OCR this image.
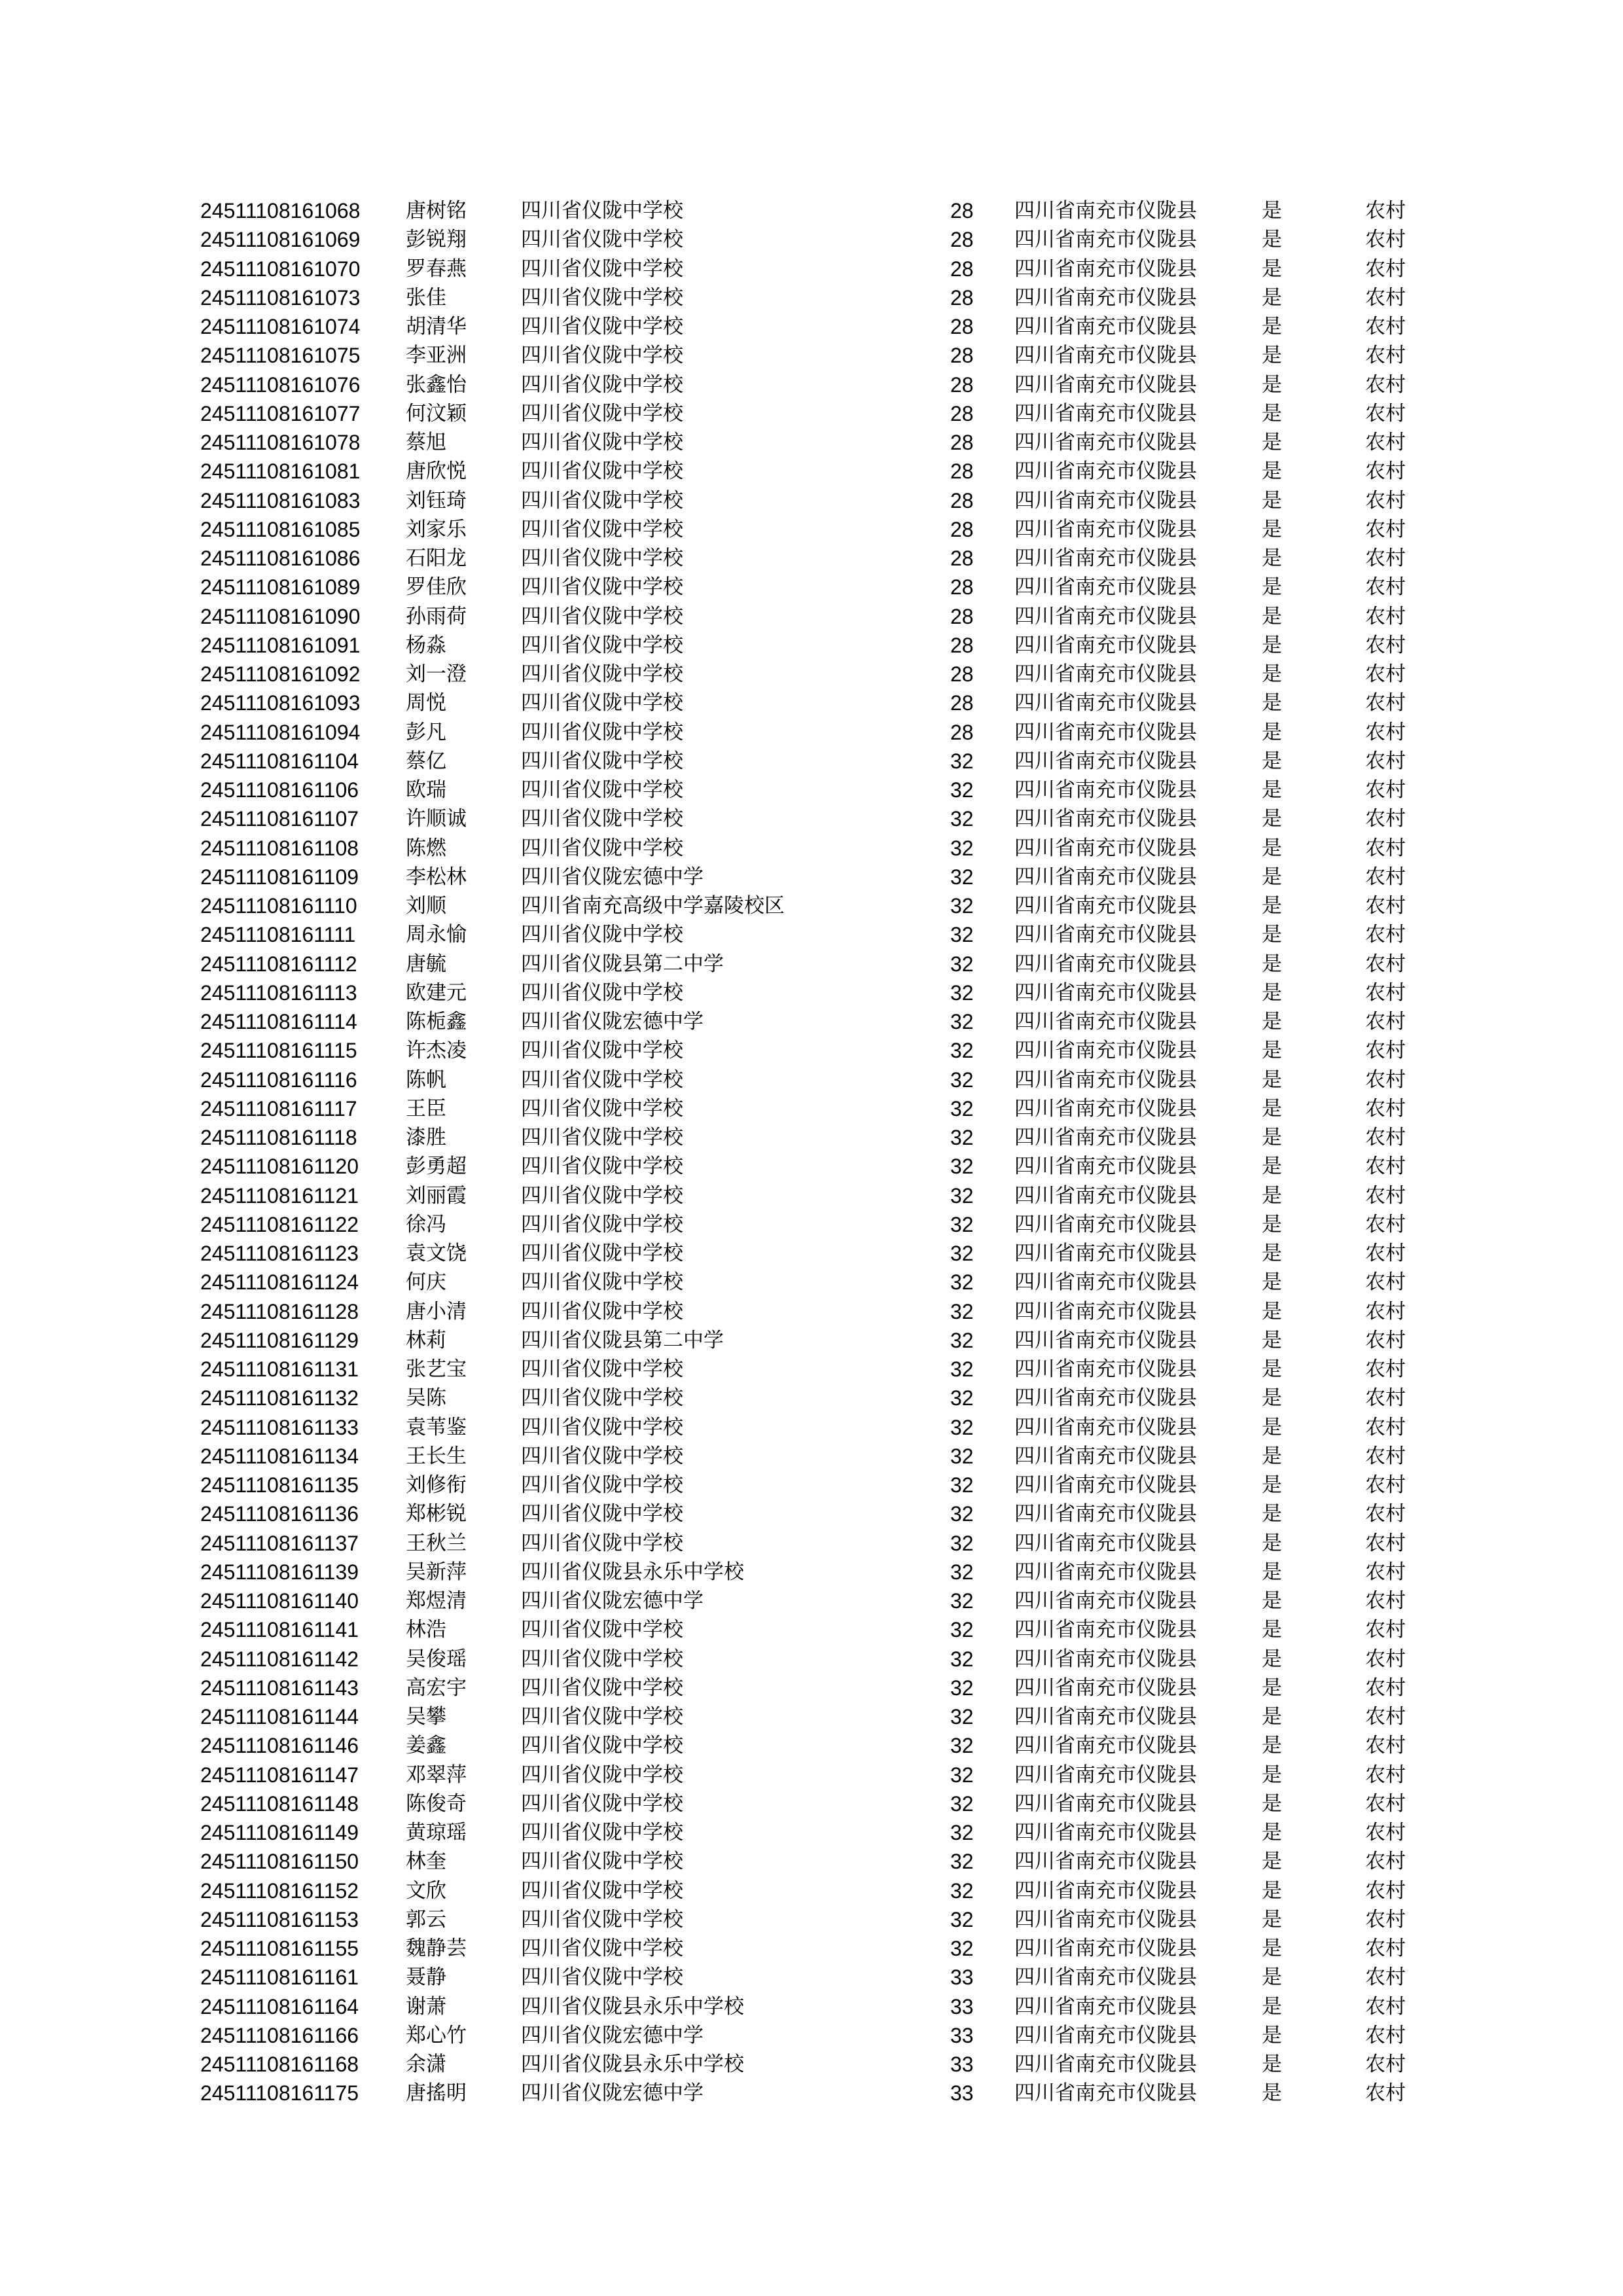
24511108161068 唐树铭	四川省仪陇中学校	28 四川省南充市仪陇县	是	农村
24511108161069 彭锐翔	四川省仪陇中学校	28 四川省南充市仪陇县	是	农村
24511108161070 罗春燕	四川省仪陇中学校	28 四川省南充市仪陇县	是	农村
24511108161073 张佳	四川省仪陇中学校	28 四川省南充市仪陇县	是	农村
24511108161074 胡清华	四川省仪陇中学校	28 四川省南充市仪陇县	是	农村
24511108161075 李亚洲	四川省仪陇中学校	28 四川省南充市仪陇县	是	农村
24511108161076 张鑫怡	四川省仪陇中学校	28 四川省南充市仪陇县	是	农村
24511108161077 何汶颖	四川省仪陇中学校	28 四川省南充市仪陇县	是	农村
24511108161078 蔡旭	四川省仪陇中学校	28 四川省南充市仪陇县	是	农村
24511108161081 唐欣悦	四川省仪陇中学校	28 四川省南充市仪陇县	是	农村
24511108161083 刘钰琦	四川省仪陇中学校	28 四川省南充市仪陇县	是	农村
24511108161085 刘家乐	四川省仪陇中学校	28 四川省南充市仪陇县	是	农村
24511108161086 石阳龙	四川省仪陇中学校	28 四川省南充市仪陇县	是	农村
24511108161089 罗佳欣	四川省仪陇中学校	28 四川省南充市仪陇县	是	农村
24511108161090 孙雨荷	四川省仪陇中学校	28 四川省南充市仪陇县	是	农村
24511108161091 杨淼	四川省仪陇中学校	28 四川省南充市仪陇县	是	农村
24511108161092 刘一澄	四川省仪陇中学校	28 四川省南充市仪陇县	是	农村
24511108161093 周悦	四川省仪陇中学校	28 四川省南充市仪陇县	是	农村
24511108161094 彭凡	四川省仪陇中学校	28 四川省南充市仪陇县	是	农村
24511108161104 蔡亿	四川省仪陇中学校	32 四川省南充市仪陇县	是	农村
24511108161106 欧瑞	四川省仪陇中学校	32 四川省南充市仪陇县	是	农村
24511108161107 许顺诚	四川省仪陇中学校	32 四川省南充市仪陇县	是	农村
24511108161108 陈燃	四川省仪陇中学校	32 四川省南充市仪陇县	是	农村
24511108161109 李松林	四川省仪陇宏德中学	32 四川省南充市仪陇县	是	农村
24511108161110 刘顺	四川省南充高级中学嘉陵校区	32 四川省南充市仪陇县	是	农村
24511108161111 周永愉	四川省仪陇中学校	32 四川省南充市仪陇县	是	农村
24511108161112 唐毓	四川省仪陇县第二中学	32 四川省南充市仪陇县	是	农村
24511108161113 欧建元	四川省仪陇中学校	32 四川省南充市仪陇县	是	农村
24511108161114 陈栀鑫	四川省仪陇宏德中学	32 四川省南充市仪陇县	是	农村
24511108161115 许杰凌	四川省仪陇中学校	32 四川省南充市仪陇县	是	农村
24511108161116 陈帆	四川省仪陇中学校	32 四川省南充市仪陇县	是	农村
24511108161117 王臣	四川省仪陇中学校	32 四川省南充市仪陇县	是	农村
24511108161118 漆胜	四川省仪陇中学校	32 四川省南充市仪陇县	是	农村
24511108161120 彭勇超	四川省仪陇中学校	32 四川省南充市仪陇县	是	农村
24511108161121 刘丽霞	四川省仪陇中学校	32 四川省南充市仪陇县	是	农村
24511108161122 徐冯	四川省仪陇中学校	32 四川省南充市仪陇县	是	农村
24511108161123 袁文饶	四川省仪陇中学校	32 四川省南充市仪陇县	是	农村
24511108161124 何庆	四川省仪陇中学校	32 四川省南充市仪陇县	是	农村
24511108161128 唐小清	四川省仪陇中学校	32 四川省南充市仪陇县	是	农村
24511108161129 林莉	四川省仪陇县第二中学	32 四川省南充市仪陇县	是	农村
24511108161131 张艺宝	四川省仪陇中学校	32 四川省南充市仪陇县	是	农村
24511108161132 吴陈	四川省仪陇中学校	32 四川省南充市仪陇县	是	农村
24511108161133 袁苇鉴	四川省仪陇中学校	32 四川省南充市仪陇县	是	农村
24511108161134 王长生	四川省仪陇中学校	32 四川省南充市仪陇县	是	农村
24511108161135 刘修衔	四川省仪陇中学校	32 四川省南充市仪陇县	是	农村
24511108161136 郑彬锐	四川省仪陇中学校	32 四川省南充市仪陇县	是	农村
24511108161137 王秋兰	四川省仪陇中学校	32 四川省南充市仪陇县	是	农村
24511108161139 吴新萍	四川省仪陇县永乐中学校	32 四川省南充市仪陇县	是	农村
24511108161140 郑煜清	四川省仪陇宏德中学	32 四川省南充市仪陇县	是	农村
24511108161141 林浩	四川省仪陇中学校	32 四川省南充市仪陇县	是	农村
24511108161142 吴俊瑶	四川省仪陇中学校	32 四川省南充市仪陇县	是	农村
24511108161143 高宏宇	四川省仪陇中学校	32 四川省南充市仪陇县	是	农村
24511108161144 吴攀	四川省仪陇中学校	32 四川省南充市仪陇县	是	农村
24511108161146 姜鑫	四川省仪陇中学校	32 四川省南充市仪陇县	是	农村
24511108161147 邓翠萍	四川省仪陇中学校	32 四川省南充市仪陇县	是	农村
24511108161148 陈俊奇	四川省仪陇中学校	32 四川省南充市仪陇县	是	农村
24511108161149 黄琼瑶	四川省仪陇中学校	32 四川省南充市仪陇县	是	农村
24511108161150 林奎	四川省仪陇中学校	32 四川省南充市仪陇县	是	农村
24511108161152 文欣	四川省仪陇中学校	32 四川省南充市仪陇县	是	农村
24511108161153 郭云	四川省仪陇中学校	32 四川省南充市仪陇县	是	农村
24511108161155 魏静芸	四川省仪陇中学校	32 四川省南充市仪陇县	是	农村
24511108161161 聂静	四川省仪陇中学校	33 四川省南充市仪陇县	是	农村
24511108161164 谢萧	四川省仪陇县永乐中学校	33 四川省南充市仪陇县	是	农村
24511108161166 郑心竹	四川省仪陇宏德中学	33 四川省南充市仪陇县	是	农村
24511108161168 余潇	四川省仪陇县永乐中学校	33 四川省南充市仪陇县	是	农村
24511108161175 唐搖明	四川省仪陇宏德中学	33 四川省南充市仪陇县	是	农村
